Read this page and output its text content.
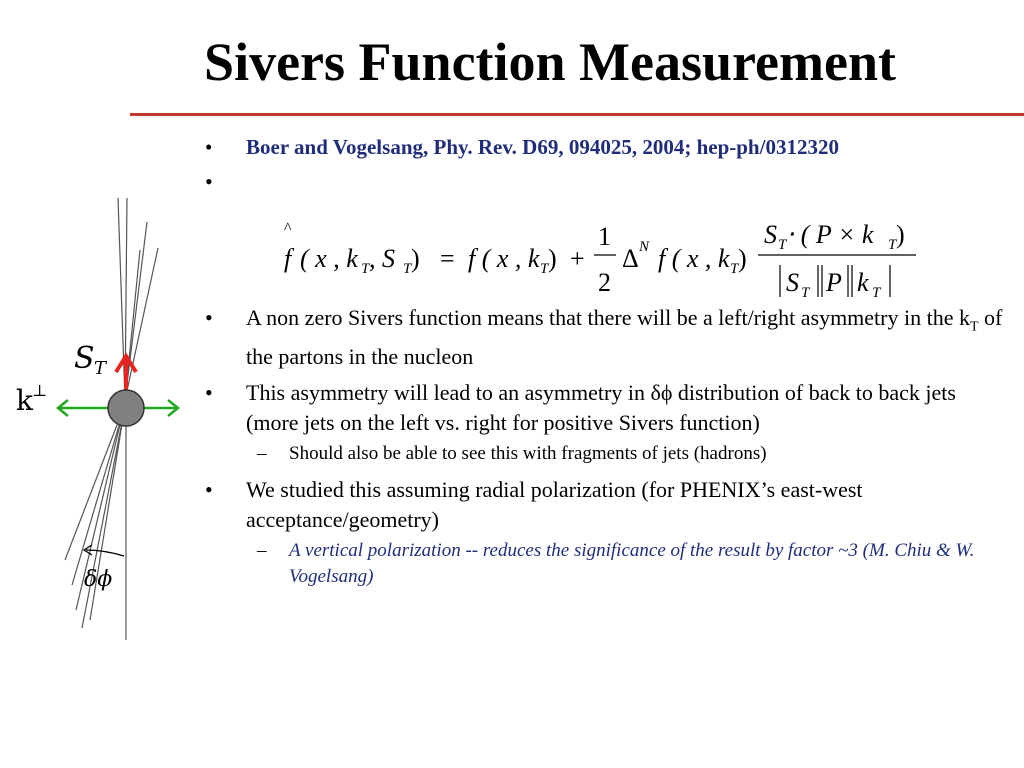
Sivers Function Measurement
S T
k ⊥
δϕ
^
f ( x , k T , S T ) = f ( x , k T ) +
1
2
Δ N f ( x , k T )
S T ⋅ ( P × k T )
S T P k T
• Boer and Vogelsang, Phy. Rev. D69, 094025, 2004; hep-ph/0312320
•
• A non zero Sivers function means that there will be a left/right asymmetry in the $k_T$ of the partons in the nucleon
• This asymmetry will lead to an asymmetry in δϕ distribution of back to back jets (more jets on the left vs. right for positive Sivers function)
– Should also be able to see this with fragments of jets (hadrons)
• We studied this assuming radial polarization (for PHENIX’s east-west acceptance/geometry)
– A vertical polarization -- reduces the significance of the result by factor ~3 (M. Chiu & W. Vogelsang)
